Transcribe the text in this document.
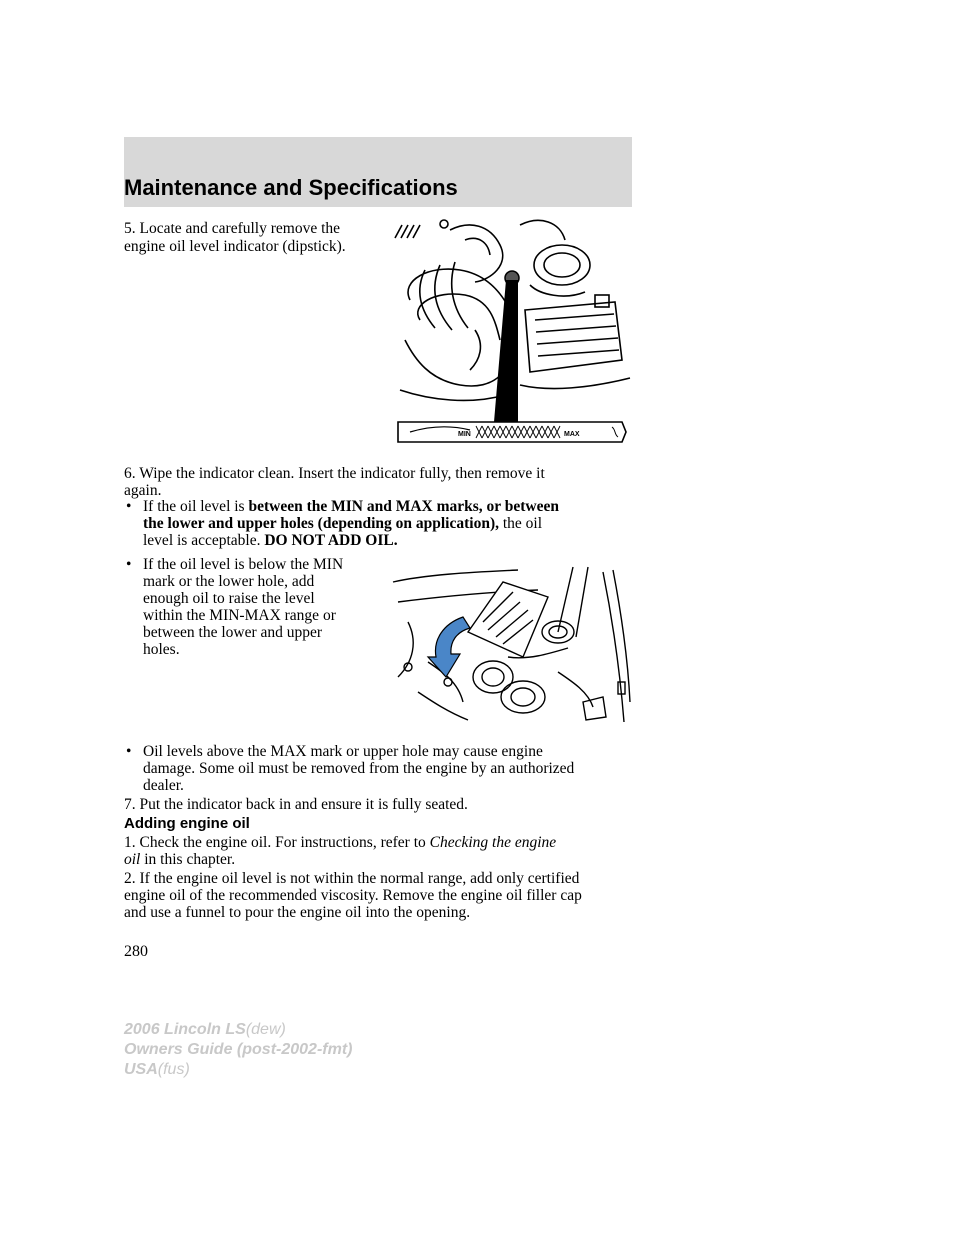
Maintenance and Specifications
5. Locate and carefully remove the
engine oil level indicator (dipstick).
MIN	MAX
6. Wipe the indicator clean. Insert the indicator fully, then remove it
again.
• If the oil level is between the MIN and MAX marks, or between
the lower and upper holes (depending on application), the oil
level is acceptable. DO NOT ADD OIL.
• If the oil level is below the MIN
mark or the lower hole, add
enough oil to raise the level
within the MIN-MAX range or
between the lower and upper
holes.
• Oil levels above the MAX mark or upper hole may cause engine
damage. Some oil must be removed from the engine by an authorized
dealer.
7. Put the indicator back in and ensure it is fully seated.
Adding engine oil
1. Check the engine oil. For instructions, refer to Checking the engine
oil in this chapter.
2. If the engine oil level is not within the normal range, add only certified
engine oil of the recommended viscosity. Remove the engine oil filler cap
and use a funnel to pour the engine oil into the opening.
280
2006 Lincoln LS(dew)
Owners Guide (post-2002-fmt)
USA(fus)
